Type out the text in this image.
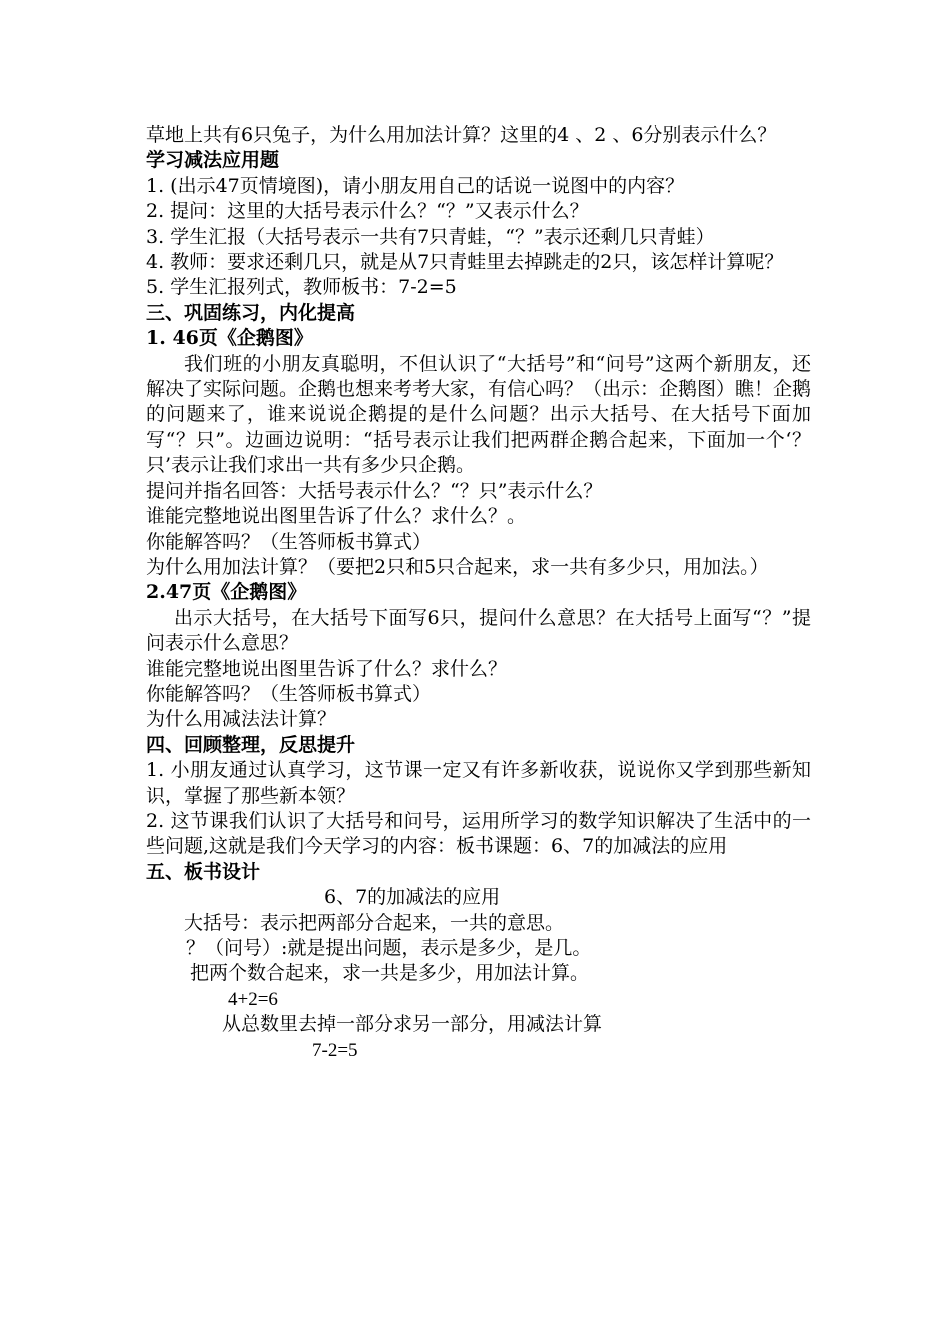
草地上共有6只兔子，为什么用加法计算？这里的4 、2 、6分别表示什么？

学习减法应用题

1. (出示47页情境图)，请小朋友用自己的话说一说图中的内容？

2. 提问：这里的大括号表示什么？“？”又表示什么？

3. 学生汇报（大括号表示一共有7只青蛙，“？”表示还剩几只青蛙）

4. 教师：要求还剩几只，就是从7只青蛙里去掉跳走的2只，该怎样计算呢？

5. 学生汇报列式，教师板书：7-2=5

三、巩固练习，内化提高

1. 46页《企鹅图》

我们班的小朋友真聪明，不但认识了“大括号”和“问号”这两个新朋友，还解决了实际问题。企鹅也想来考考大家，有信心吗？（出示：企鹅图）瞧！企鹅的问题来了，谁来说说企鹅提的是什么问题？出示大括号、在大括号下面加写“？只”。边画边说明：“括号表示让我们把两群企鹅合起来，下面加一个‘？只’表示让我们求出一共有多少只企鹅。

提问并指名回答：大括号表示什么？“？只”表示什么？

谁能完整地说出图里告诉了什么？求什么？。

你能解答吗？（生答师板书算式）

为什么用加法计算？（要把2只和5只合起来，求一共有多少只，用加法。）

2.47页《企鹅图》

出示大括号，在大括号下面写6只，提问什么意思？在大括号上面写“？”提问表示什么意思？

谁能完整地说出图里告诉了什么？求什么？

你能解答吗？（生答师板书算式）

为什么用减法法计算？

四、回顾整理，反思提升

1. 小朋友通过认真学习，这节课一定又有许多新收获，说说你又学到那些新知识，掌握了那些新本领？

2. 这节课我们认识了大括号和问号，运用所学习的数学知识解决了生活中的一些问题,这就是我们今天学习的内容：板书课题：6、7的加减法的应用

五、板书设计

6、7的加减法的应用

大括号：表示把两部分合起来，一共的意思。

？（问号）:就是提出问题，表示是多少，是几。

把两个数合起来，求一共是多少，用加法计算。

4+2=6

从总数里去掉一部分求另一部分，用减法计算

7-2=5
